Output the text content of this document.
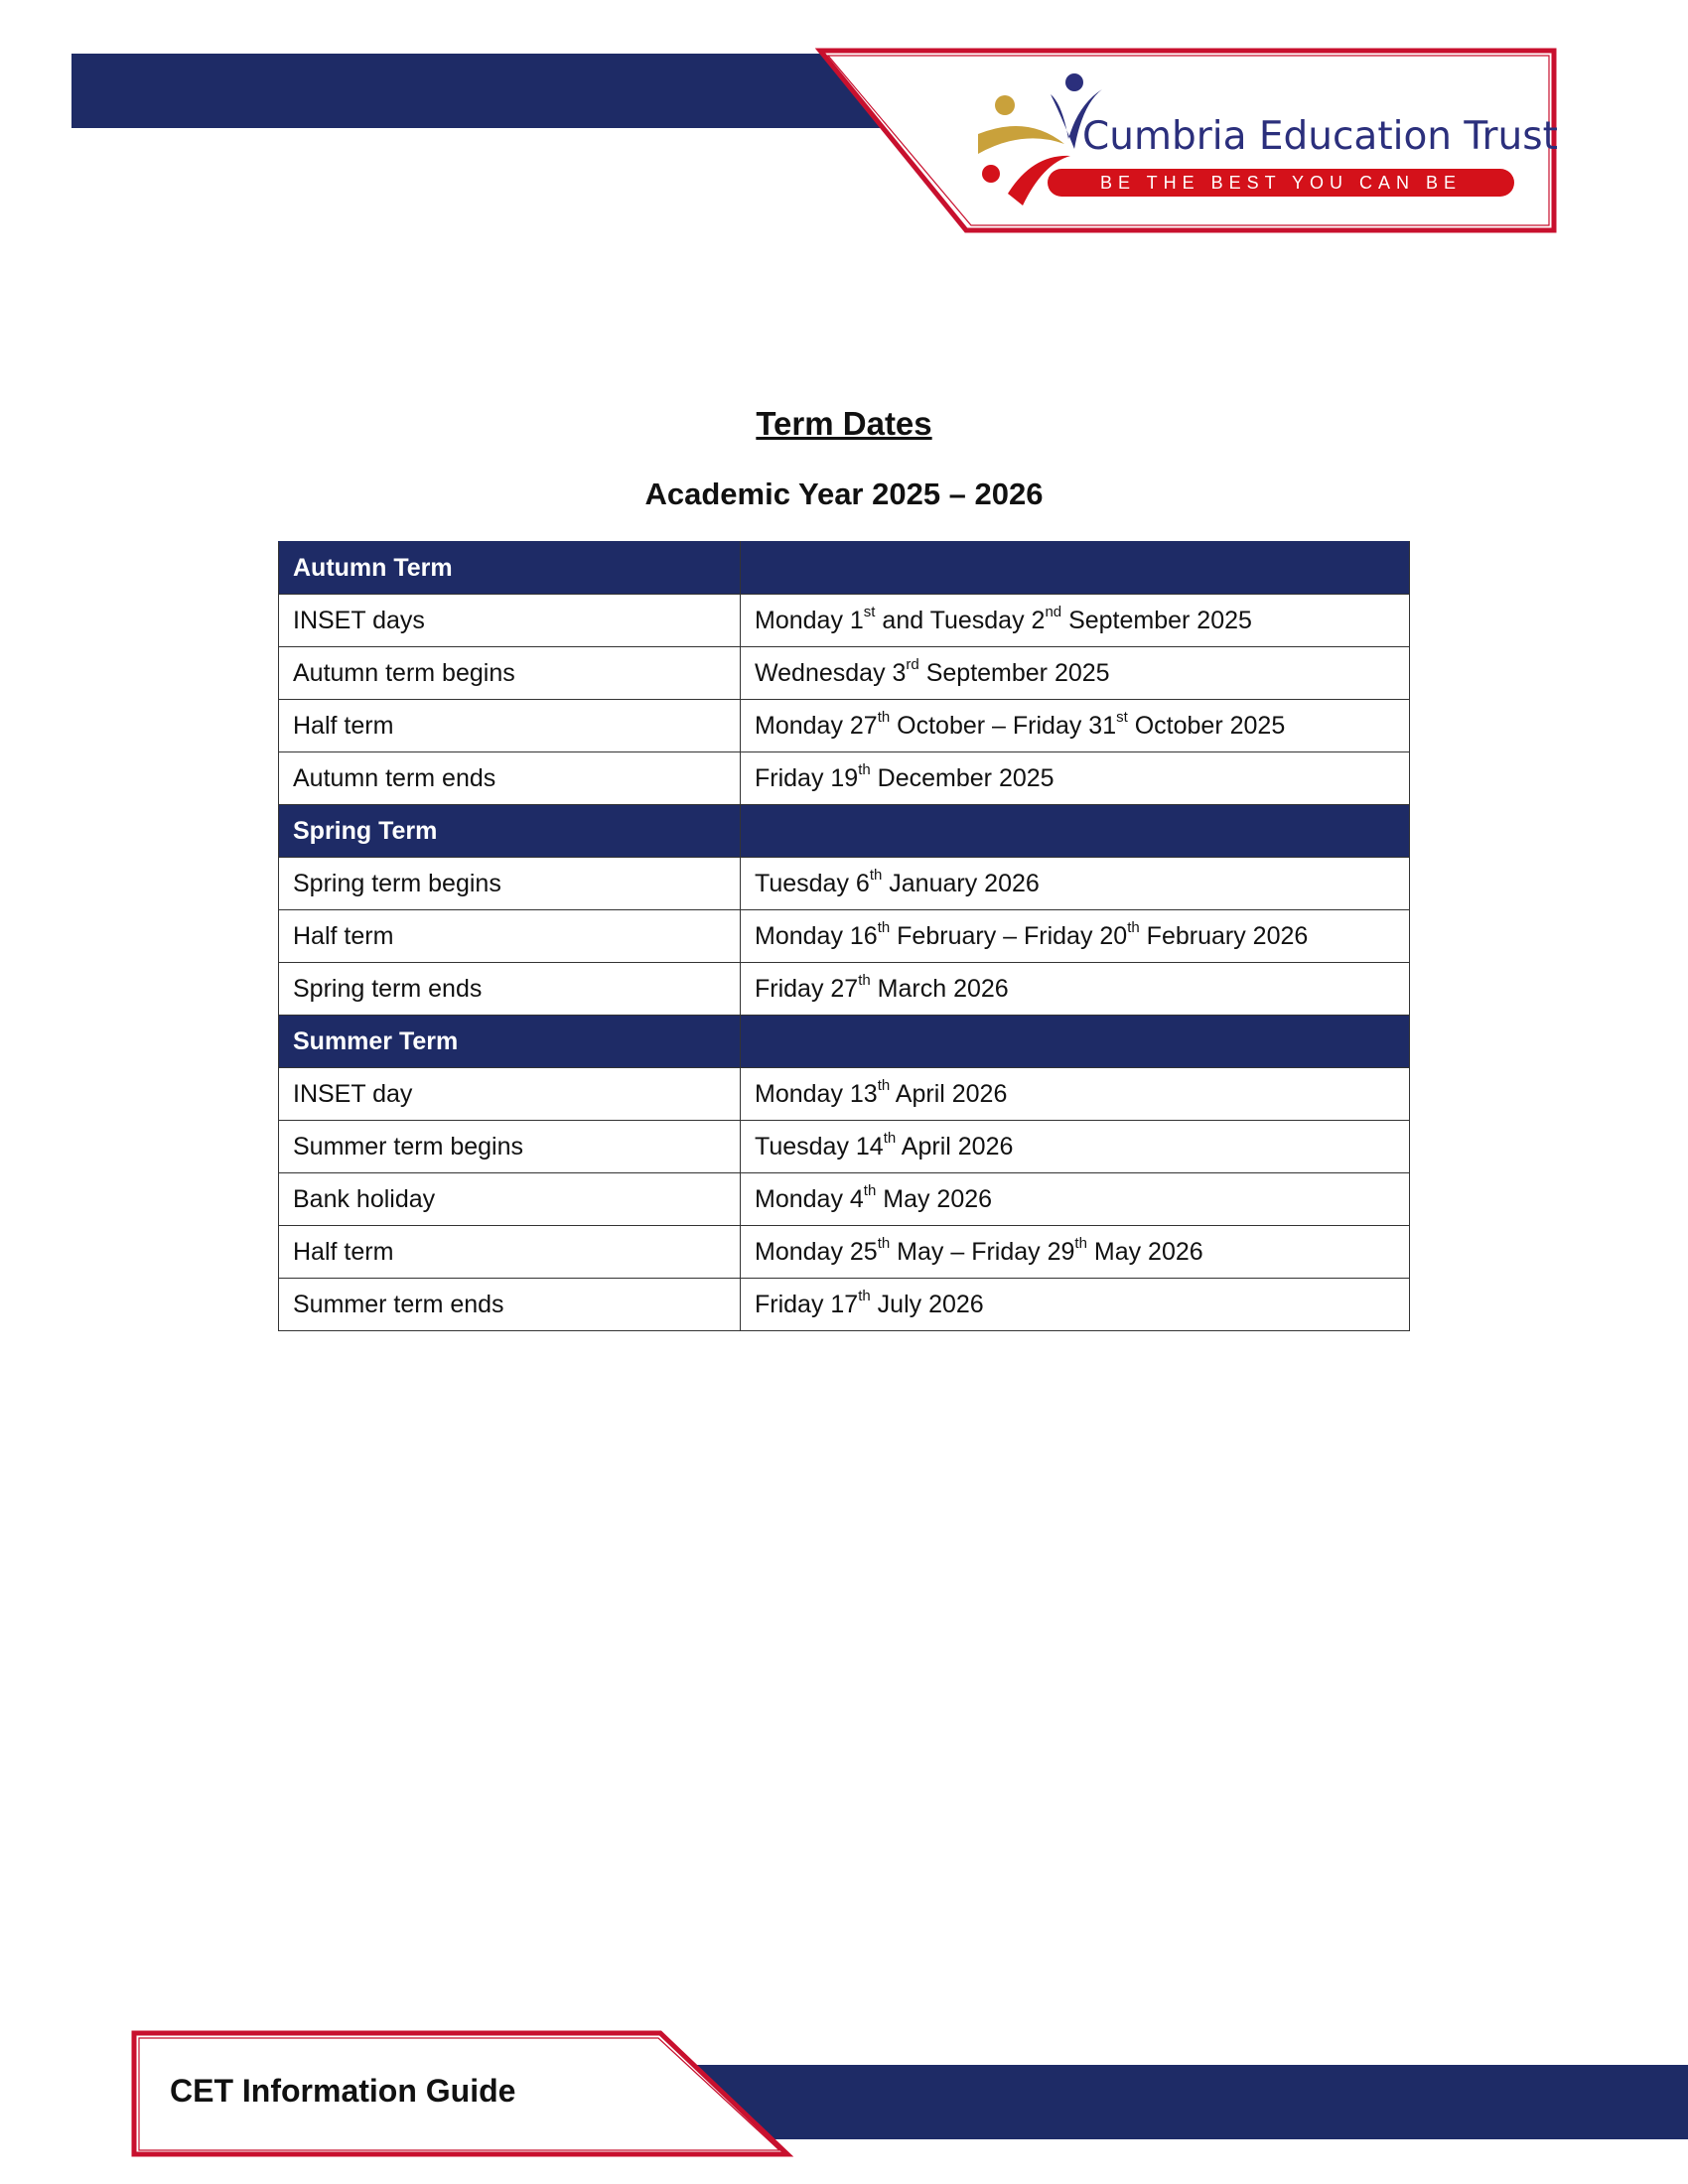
Cumbria Education Trust
BE THE BEST YOU CAN BE
Term Dates
Academic Year 2025 – 2026
Autumn Term	
INSET days	Monday 1st and Tuesday 2nd September 2025
Autumn term begins	Wednesday 3rd September 2025
Half term	Monday 27th October – Friday 31st October 2025
Autumn term ends	Friday 19th December 2025
Spring Term	
Spring term begins	Tuesday 6th January 2026
Half term	Monday 16th February – Friday 20th February 2026
Spring term ends	Friday 27th March 2026
Summer Term	
INSET day	Monday 13th April 2026
Summer term begins	Tuesday 14th April 2026
Bank holiday	Monday 4th May 2026
Half term	Monday 25th May – Friday 29th May 2026
Summer term ends	Friday 17th July 2026
CET Information Guide
